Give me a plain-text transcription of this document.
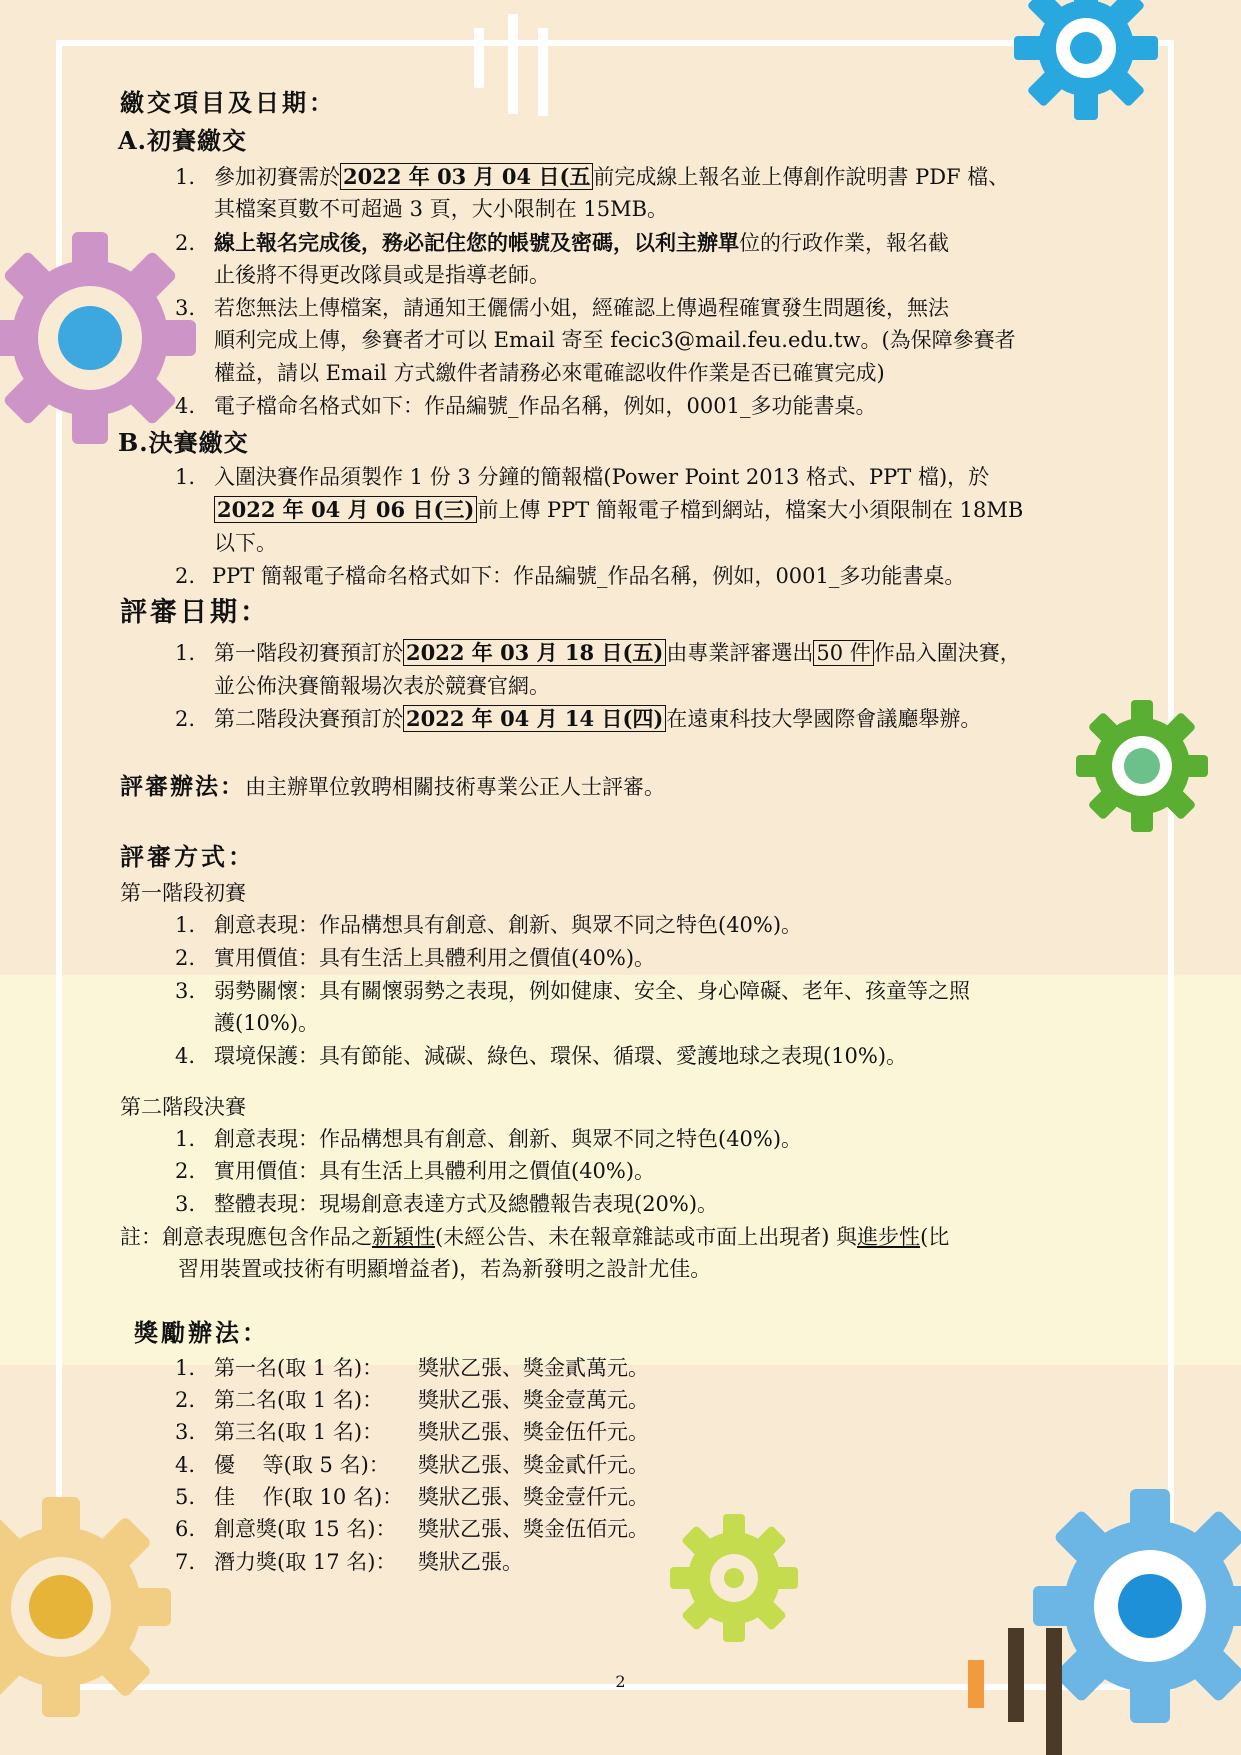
繳交項目及日期：
A.初賽繳交
1. 參加初賽需於 2022 年 03 月 04 日(五 前完成線上報名並上傳創作說明書 PDF 檔、
其檔案頁數不可超過 3 頁，大小限制在 15MB。
2. 線上報名完成後，務必記住您的帳號及密碼，以利主辦單位的行政作業，報名截
止後將不得更改隊員或是指導老師。
3. 若您無法上傳檔案，請通知王儷儒小姐，經確認上傳過程確實發生問題後，無法
順利完成上傳，參賽者才可以 Email 寄至 fecic3@mail.feu.edu.tw。(為保障參賽者
權益，請以 Email 方式繳件者請務必來電確認收件作業是否已確實完成)
4. 電子檔命名格式如下：作品編號_作品名稱，例如，0001_多功能書桌。
B.決賽繳交
1. 入圍決賽作品須製作 1 份 3 分鐘的簡報檔(Power Point 2013 格式、PPT 檔)，於
2022 年 04 月 06 日(三) 前上傳 PPT 簡報電子檔到網站，檔案大小須限制在 18MB
以下。
2. PPT 簡報電子檔命名格式如下：作品編號_作品名稱，例如，0001_多功能書桌。
評審日期：
1. 第一階段初賽預訂於 2022 年 03 月 18 日(五) 由專業評審選出 50 件 作品入圍決賽，
並公佈決賽簡報場次表於競賽官網。
2. 第二階段決賽預訂於 2022 年 04 月 14 日(四) 在遠東科技大學國際會議廳舉辦。
評審辦法：由主辦單位敦聘相關技術專業公正人士評審。
評審方式：
第一階段初賽
1. 創意表現：作品構想具有創意、創新、與眾不同之特色(40%)。
2. 實用價值：具有生活上具體利用之價值(40%)。
3. 弱勢關懷：具有關懷弱勢之表現，例如健康、安全、身心障礙、老年、孩童等之照
護(10%)。
4. 環境保護：具有節能、減碳、綠色、環保、循環、愛護地球之表現(10%)。
第二階段決賽
1. 創意表現：作品構想具有創意、創新、與眾不同之特色(40%)。
2. 實用價值：具有生活上具體利用之價值(40%)。
3. 整體表現：現場創意表達方式及總體報告表現(20%)。
註：創意表現應包含作品之新穎性(未經公告、未在報章雜誌或市面上出現者) 與進步性(比
習用裝置或技術有明顯增益者)，若為新發明之設計尤佳。
獎勵辦法：
1. 第一名(取 1 名)： 獎狀乙張、獎金貳萬元。
2. 第二名(取 1 名)： 獎狀乙張、獎金壹萬元。
3. 第三名(取 1 名)： 獎狀乙張、獎金伍仟元。
4. 優　 等(取 5 名)： 獎狀乙張、獎金貳仟元。
5. 佳　 作(取 10 名)： 獎狀乙張、獎金壹仟元。
6. 創意獎(取 15 名)： 獎狀乙張、獎金伍佰元。
7. 潛力獎(取 17 名)： 獎狀乙張。
2
